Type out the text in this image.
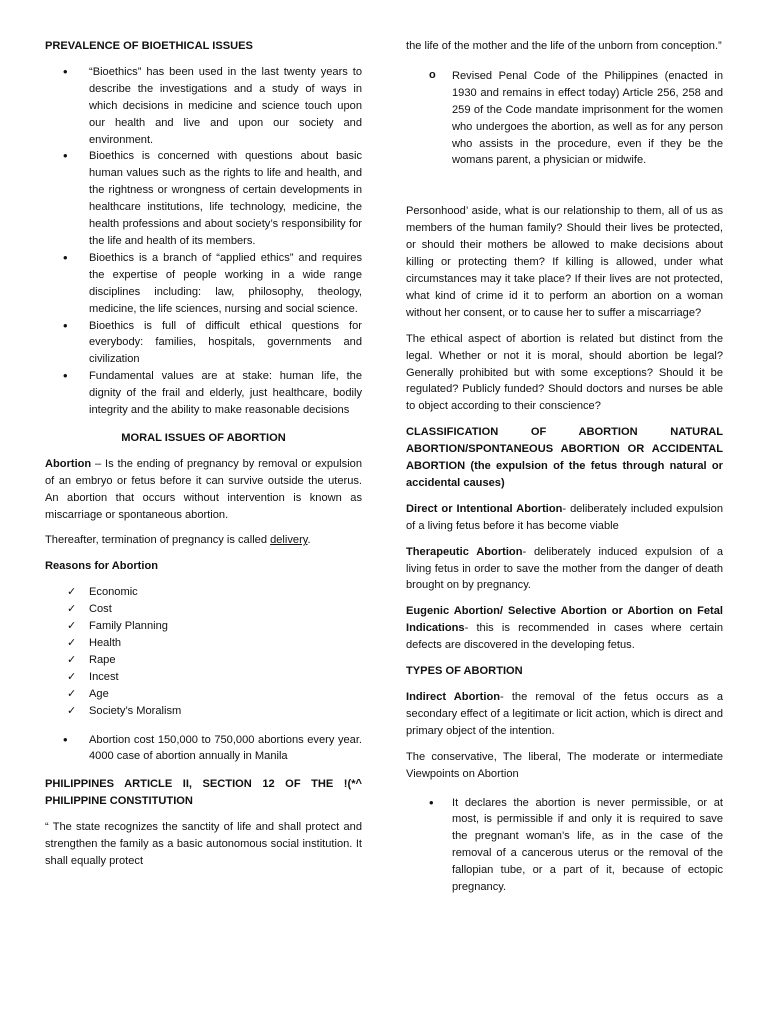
PREVALENCE OF BIOETHICAL ISSUES

• “Bioethics” has been used in the last twenty years to describe the investigations and a study of ways in which decisions in medicine and science touch upon our health and live and upon our society and environment.
• Bioethics is concerned with questions about basic human values such as the rights to life and health, and the rightness or wrongness of certain developments in healthcare institutions, life technology, medicine, the health professions and about society’s responsibility for the life and health of its members.
• Bioethics is a branch of “applied ethics” and requires the expertise of people working in a wide range disciplines including: law, philosophy, theology, medicine, the life sciences, nursing and social science.
• Bioethics is full of difficult ethical questions for everybody: families, hospitals, governments and civilization
• Fundamental values are at stake: human life, the dignity of the frail and elderly, just healthcare, bodily integrity and the ability to make reasonable decisions

MORAL ISSUES OF ABORTION

Abortion – Is the ending of pregnancy by removal or expulsion of an embryo or fetus before it can survive outside the uterus. An abortion that occurs without intervention is known as miscarriage or spontaneous abortion.

Thereafter, termination of pregnancy is called delivery.

Reasons for Abortion

✓ Economic
✓ Cost
✓ Family Planning
✓ Health
✓ Rape
✓ Incest
✓ Age
✓ Society’s Moralism
• Abortion cost 150,000 to 750,000 abortions every year. 4000 case of abortion annually in Manila

PHILIPPINES ARTICLE II, SECTION 12 OF THE !(*^ PHILIPPINE CONSTITUTION

“ The state recognizes the sanctity of life and shall protect and strengthen the family as a basic autonomous social institution. It shall equally protect

the life of the mother and the life of the unborn from conception.”

o Revised Penal Code of the Philippines (enacted in 1930 and remains in effect today) Article 256, 258 and 259 of the Code mandate imprisonment for the women who undergoes the abortion, as well as for any person who assists in the procedure, even if they be the womans parent, a physician or midwife.

Personhood’ aside, what is our relationship to them, all of us as members of the human family? Should their lives be protected, or should their mothers be allowed to make decisions about killing or protecting them? If killing is allowed, under what circumstances may it take place? If their lives are not protected, what kind of crime id it to perform an abortion on a woman without her consent, or to cause her to suffer a miscarriage?

The ethical aspect of abortion is related but distinct from the legal. Whether or not it is moral, should abortion be legal? Generally prohibited but with some exceptions? Should it be regulated? Publicly funded? Should doctors and nurses be able to object according to their conscience?

CLASSIFICATION OF ABORTION NATURAL ABORTION/SPONTANEOUS ABORTION OR ACCIDENTAL ABORTION (the expulsion of the fetus through natural or accidental causes)

Direct or Intentional Abortion- deliberately included expulsion of a living fetus before it has become viable

Therapeutic Abortion- deliberately induced expulsion of a living fetus in order to save the mother from the danger of death brought on by pregnancy.

Eugenic Abortion/ Selective Abortion or Abortion on Fetal Indications- this is recommended in cases where certain defects are discovered in the developing fetus.

TYPES OF ABORTION

Indirect Abortion- the removal of the fetus occurs as a secondary effect of a legitimate or licit action, which is direct and primary object of the intention.

The conservative, The liberal, The moderate or intermediate Viewpoints on Abortion

• It declares the abortion is never permissible, or at most, is permissible if and only it is required to save the pregnant woman’s life, as in the case of the removal of a cancerous uterus or the removal of the fallopian tube, or a part of it, because of ectopic pregnancy.
